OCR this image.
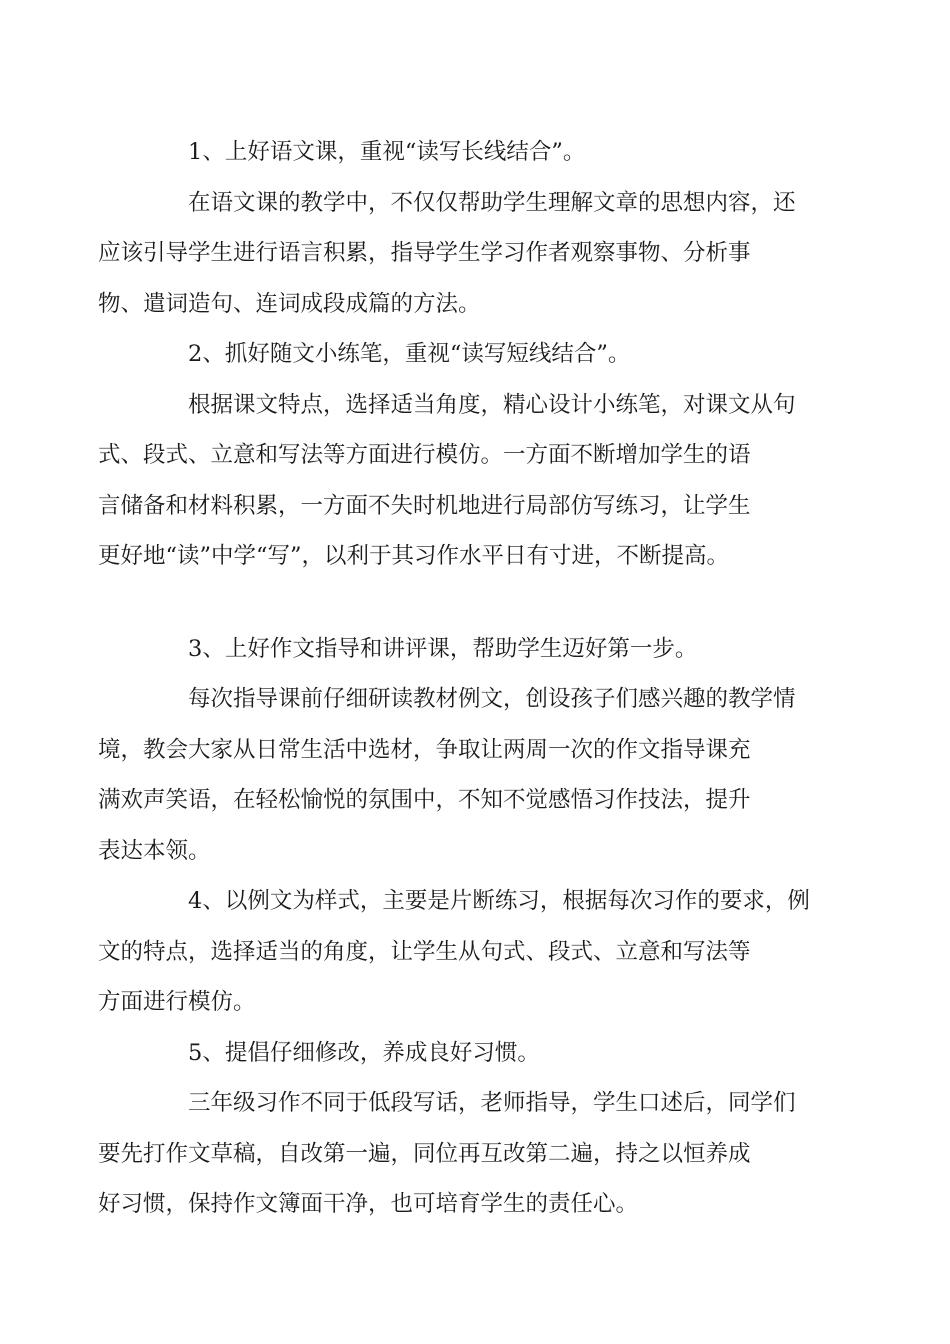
1、上好语文课，重视“读写长线结合”。

在语文课的教学中，不仅仅帮助学生理解文章的思想内容，还
应该引导学生进行语言积累，指导学生学习作者观察事物、分析事
物、遣词造句、连词成段成篇的方法。

2、抓好随文小练笔，重视“读写短线结合”。

根据课文特点，选择适当角度，精心设计小练笔，对课文从句
式、段式、立意和写法等方面进行模仿。一方面不断增加学生的语
言储备和材料积累，一方面不失时机地进行局部仿写练习，让学生
更好地“读”中学“写”，以利于其习作水平日有寸进，不断提高。

3、上好作文指导和讲评课，帮助学生迈好第一步。

每次指导课前仔细研读教材例文，创设孩子们感兴趣的教学情
境，教会大家从日常生活中选材，争取让两周一次的作文指导课充
满欢声笑语，在轻松愉悦的氛围中，不知不觉感悟习作技法，提升
表达本领。

4、以例文为样式，主要是片断练习，根据每次习作的要求，例
文的特点，选择适当的角度，让学生从句式、段式、立意和写法等
方面进行模仿。

5、提倡仔细修改，养成良好习惯。

三年级习作不同于低段写话，老师指导，学生口述后，同学们
要先打作文草稿，自改第一遍，同位再互改第二遍，持之以恒养成
好习惯，保持作文簿面干净，也可培育学生的责任心。
